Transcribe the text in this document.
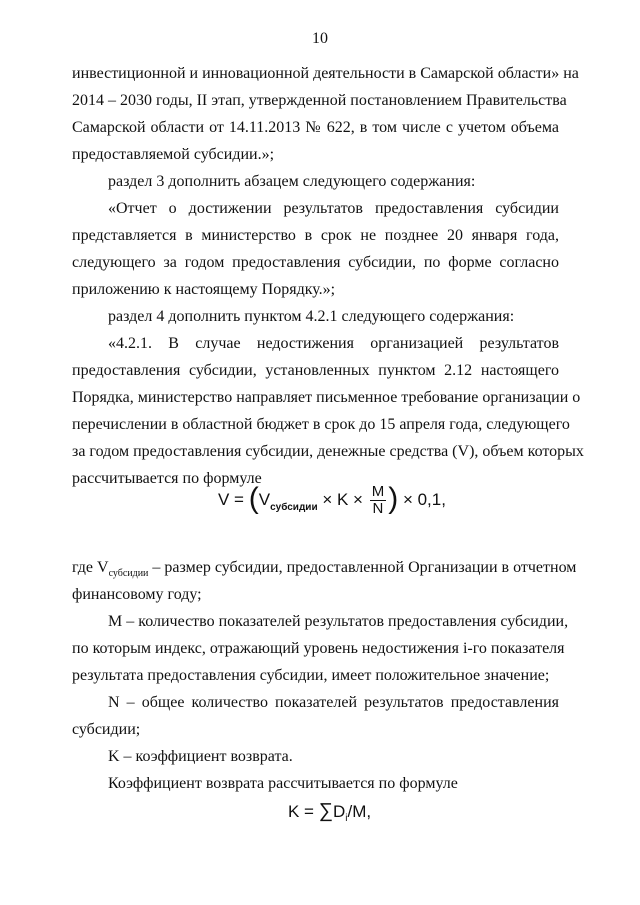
10
инвестиционной и инновационной деятельности в Самарской области» на
2014 – 2030 годы, II этап, утвержденной постановлением Правительства
Самарской области от 14.11.2013 № 622, в том числе с учетом объема
предоставляемой субсидии.»;
раздел 3 дополнить абзацем следующего содержания:
«Отчет о достижении результатов предоставления субсидии
представляется в министерство в срок не позднее 20 января года,
следующего за годом предоставления субсидии, по форме согласно
приложению к настоящему Порядку.»;
раздел 4 дополнить пунктом 4.2.1 следующего содержания:
«4.2.1. В случае недостижения организацией результатов
предоставления субсидии, установленных пунктом 2.12 настоящего
Порядка, министерство направляет письменное требование организации о
перечислении в областной бюджет в срок до 15 апреля года, следующего
за годом предоставления субсидии, денежные средства (V), объем которых
рассчитывается по формуле
$V = (V_{субсидии} \times K \times \frac{M}{N}$ ) × 0,1,
где $V_{субсидии}$ – размер субсидии, предоставленной Организации в отчетном
финансовому году;
M – количество показателей результатов предоставления субсидии,
по которым индекс, отражающий уровень недостижения i-го показателя
результата предоставления субсидии, имеет положительное значение;
N – общее количество показателей результатов предоставления
субсидии;
K – коэффициент возврата.
Коэффициент возврата рассчитывается по формуле
$K = \sum D_i/M$,
